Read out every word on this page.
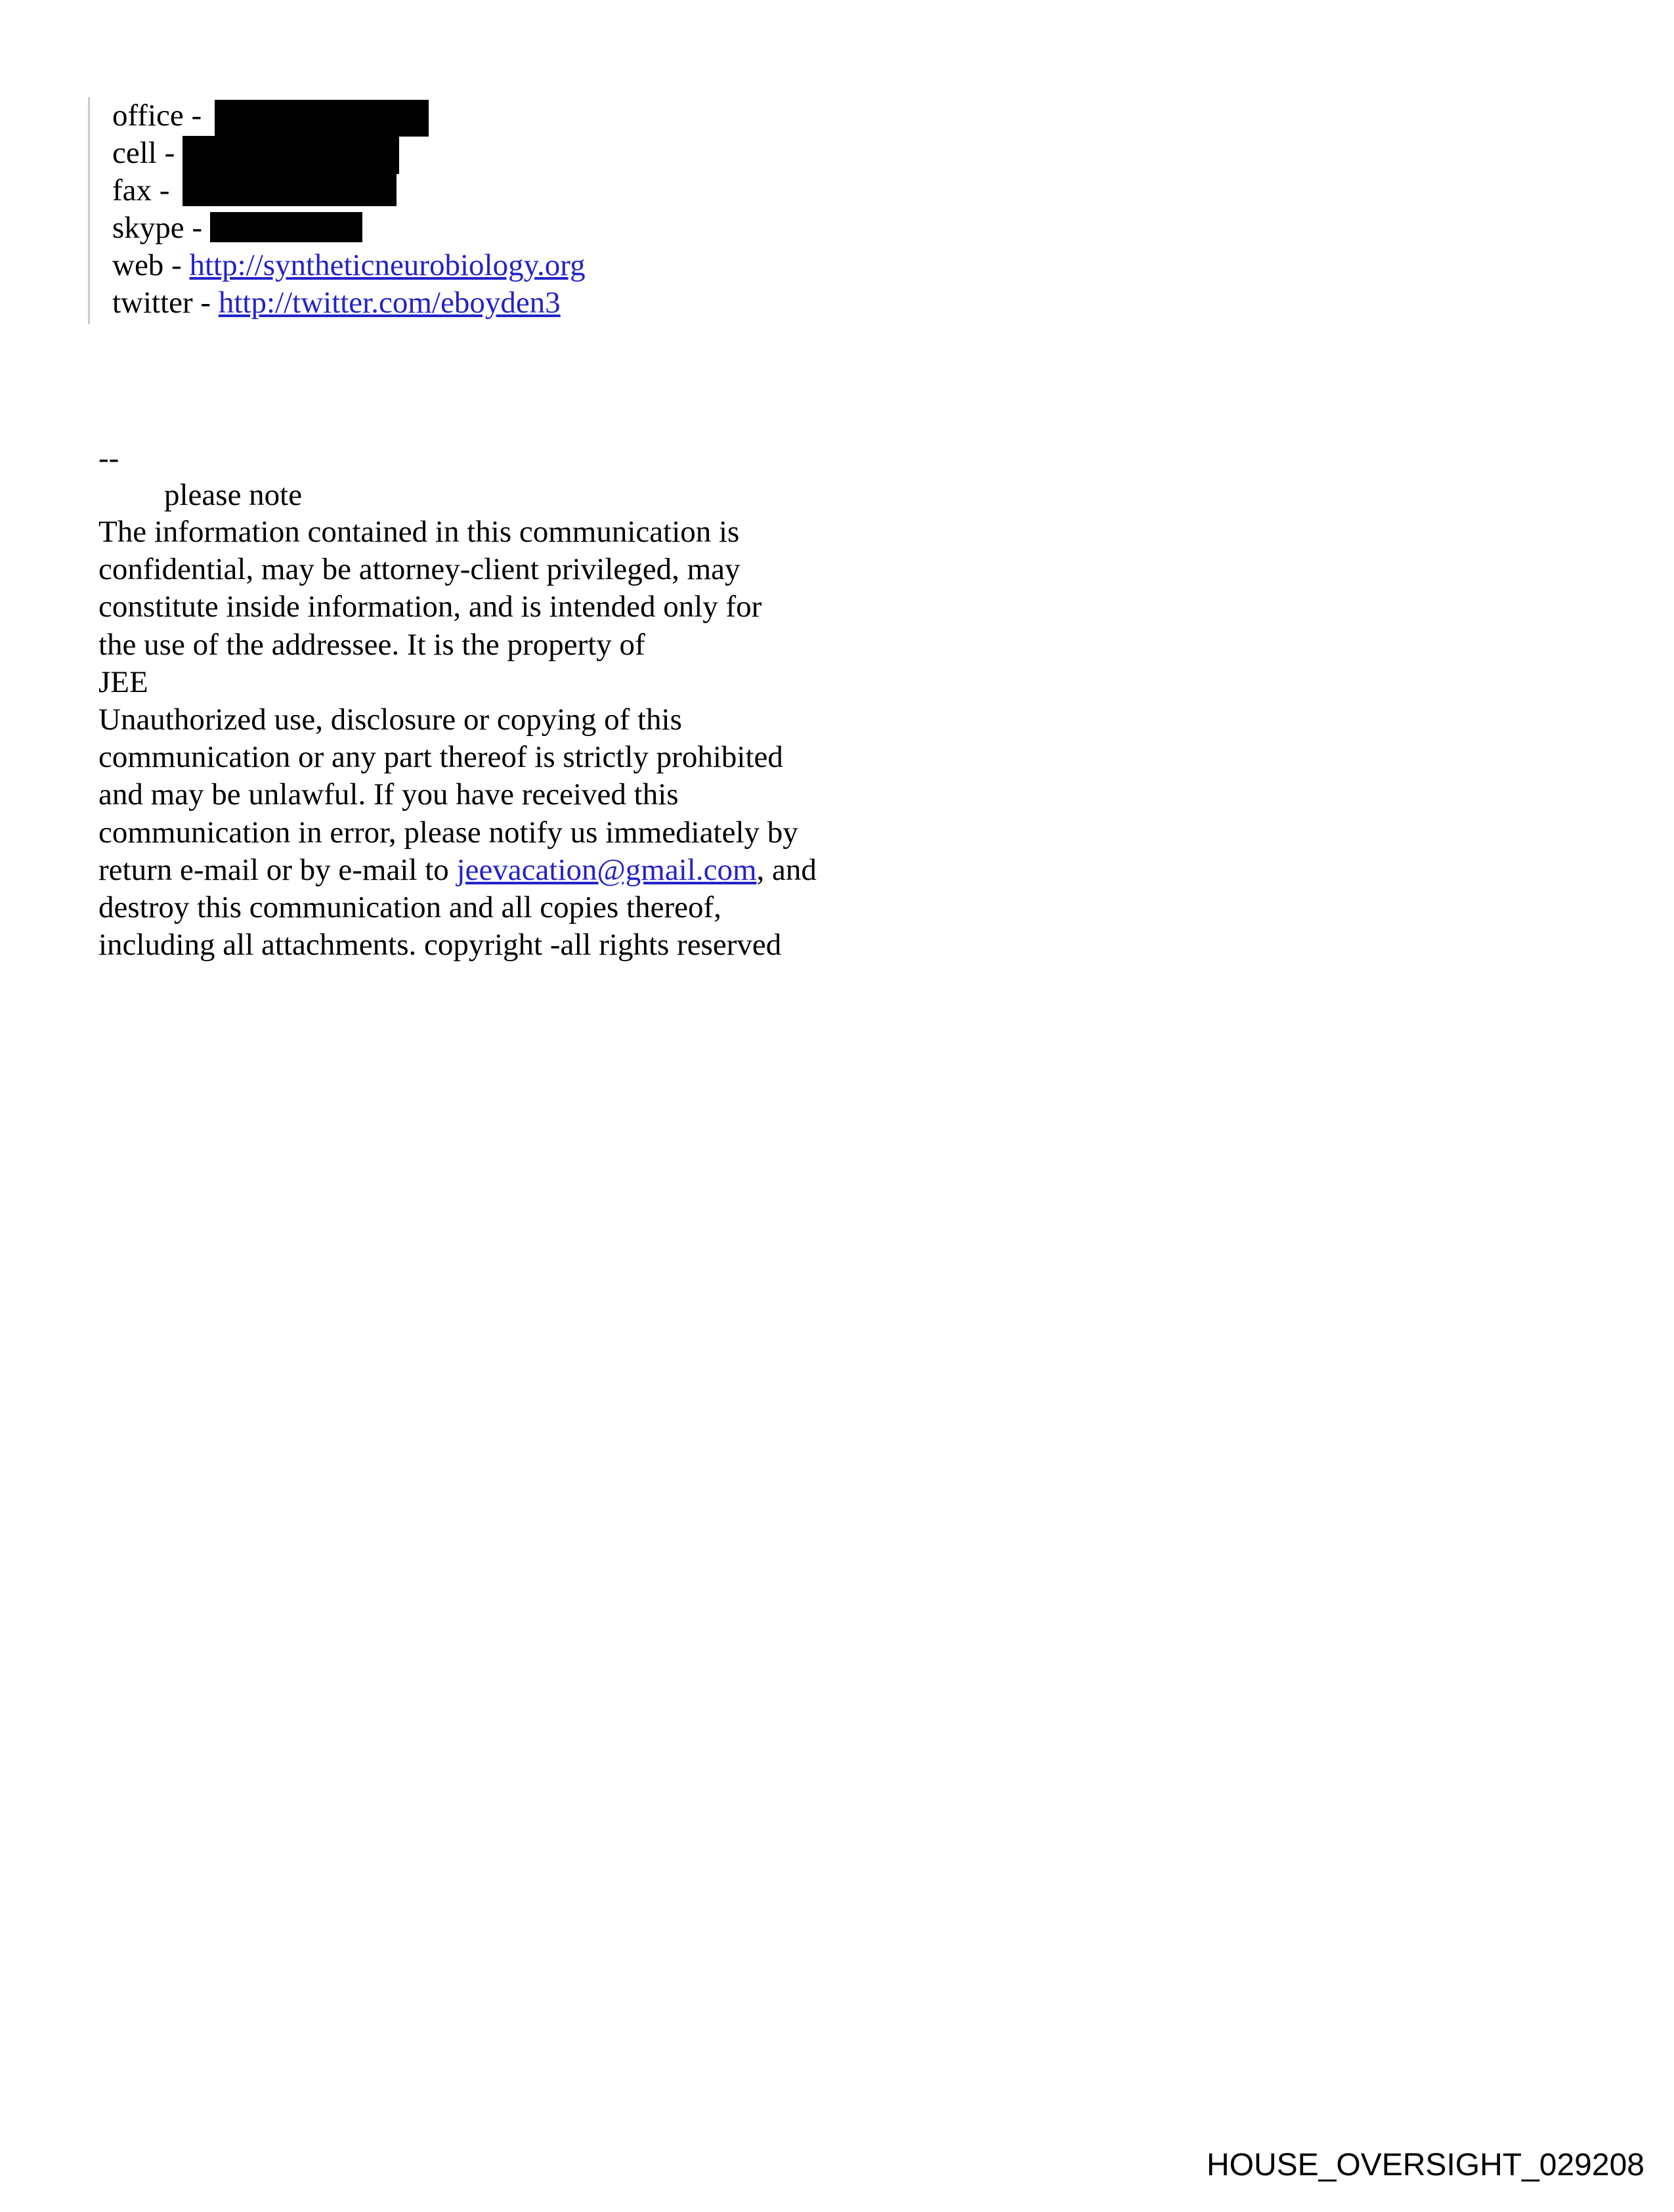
office -
cell -
fax -
skype -
web - http://syntheticneurobiology.org
twitter - http://twitter.com/eboyden3
--
please note
The information contained in this communication is
confidential, may be attorney-client privileged, may
constitute inside information, and is intended only for
the use of the addressee. It is the property of
JEE
Unauthorized use, disclosure or copying of this
communication or any part thereof is strictly prohibited
and may be unlawful. If you have received this
communication in error, please notify us immediately by
return e-mail or by e-mail to jeevacation@gmail.com, and
destroy this communication and all copies thereof,
including all attachments. copyright -all rights reserved
HOUSE_OVERSIGHT_029208
